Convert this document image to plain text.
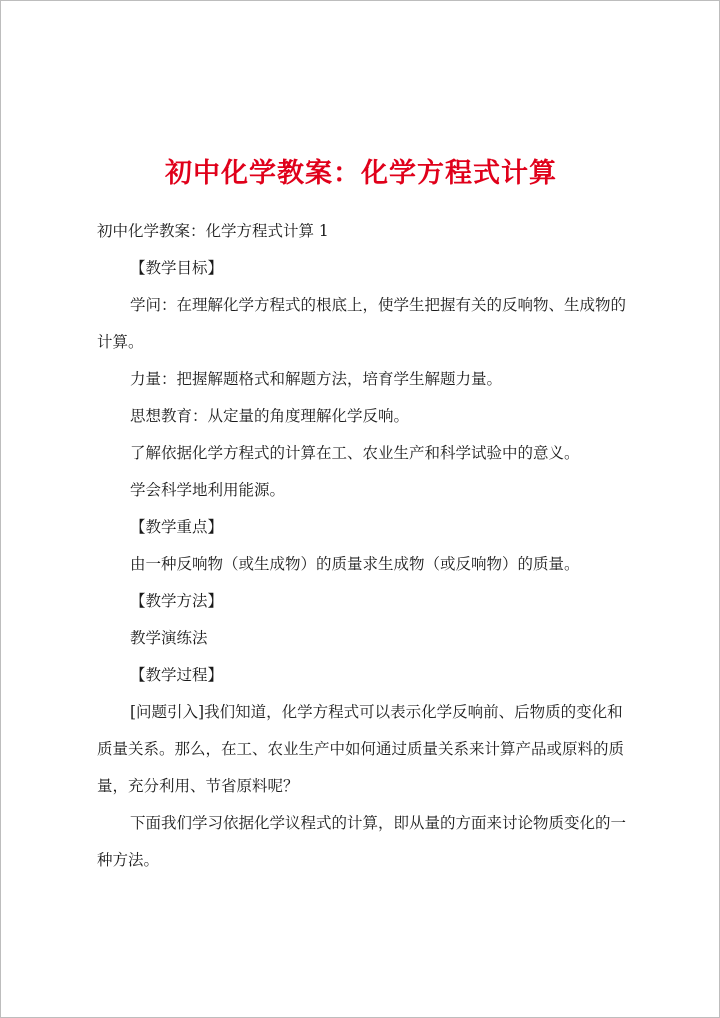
初中化学教案：化学方程式计算

初中化学教案：化学方程式计算 1

【教学目标】

学问：在理解化学方程式的根底上，使学生把握有关的反响物、生成物的计算。

力量：把握解题格式和解题方法，培育学生解题力量。

思想教育：从定量的角度理解化学反响。

了解依据化学方程式的计算在工、农业生产和科学试验中的意义。

学会科学地利用能源。

【教学重点】

由一种反响物（或生成物）的质量求生成物（或反响物）的质量。

【教学方法】

教学演练法

【教学过程】

[问题引入]我们知道，化学方程式可以表示化学反响前、后物质的变化和质量关系。那么，在工、农业生产中如何通过质量关系来计算产品或原料的质量，充分利用、节省原料呢？

下面我们学习依据化学议程式的计算，即从量的方面来讨论物质变化的一种方法。
